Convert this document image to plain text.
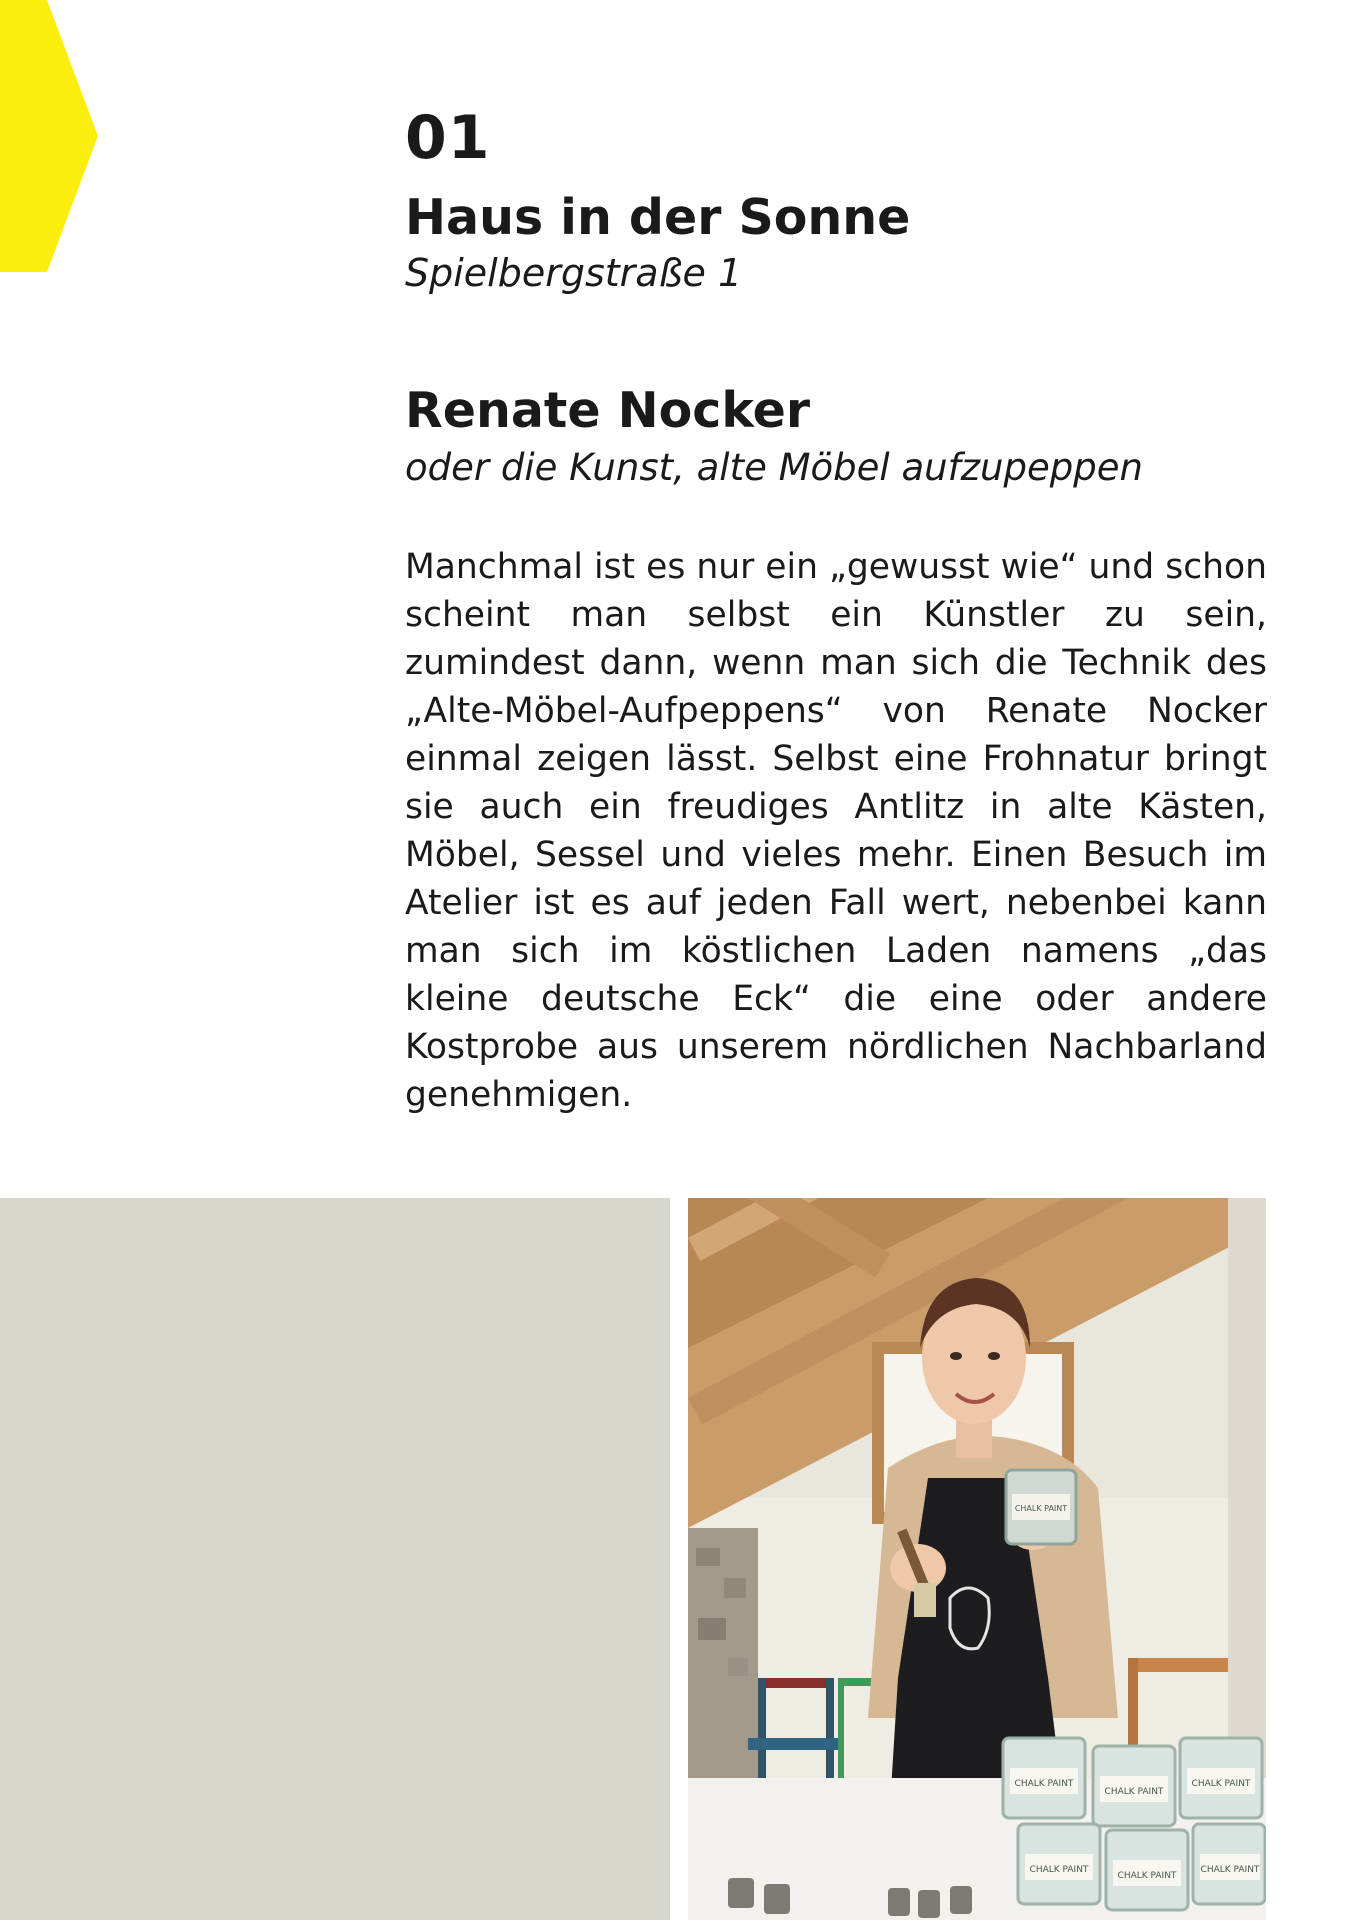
01
Haus in der Sonne
Spielbergstraße 1
Renate Nocker
oder die Kunst, alte Möbel aufzupeppen

Manchmal ist es nur ein „gewusst wie“ und schon scheint man selbst ein Künstler zu sein, zumindest dann, wenn man sich die Technik des „Alte-Möbel-Aufpeppens“ von Renate Nocker einmal zeigen lässt. Selbst eine Frohnatur bringt sie auch ein freudiges Antlitz in alte Kästen, Möbel, Sessel und vieles mehr. Einen Besuch im Atelier ist es auf jeden Fall wert, nebenbei kann man sich im köstlichen Laden namens „das kleine deutsche Eck“ die eine oder andere Kostprobe aus unserem nördlichen Nachbarland genehmigen.

CHALK PAINT
CHALK PAINT
CHALK PAINT
CHALK PAINT
CHALK PAINT
CHALK PAINT
CHALK PAINT
